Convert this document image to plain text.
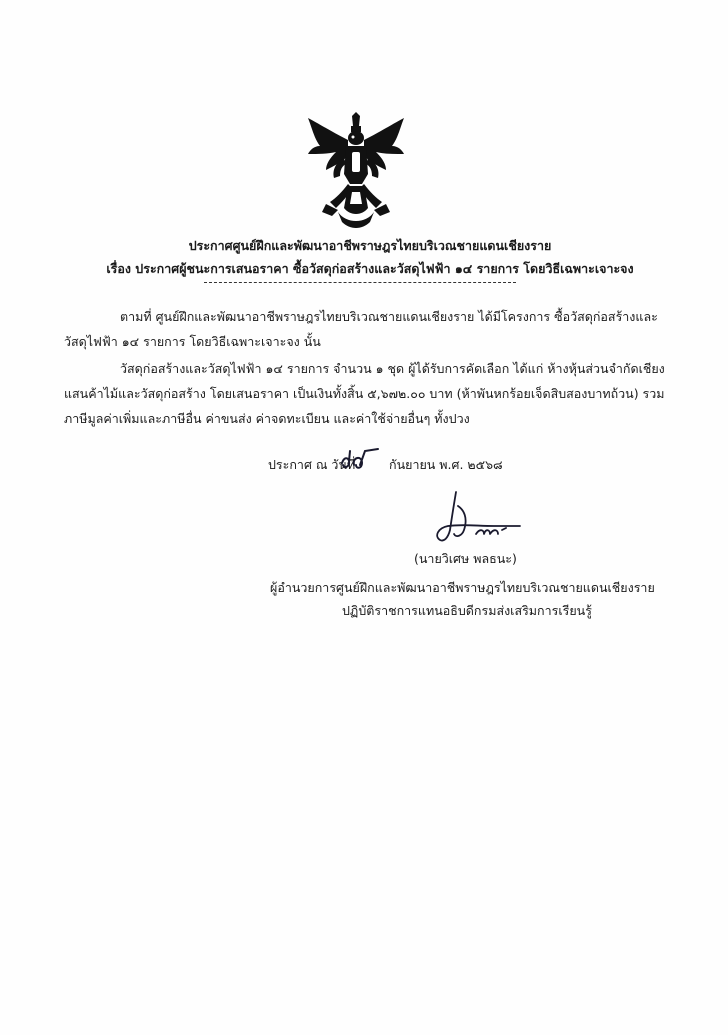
ประกาศศูนย์ฝึกและพัฒนาอาชีพราษฎรไทยบริเวณชายแดนเชียงราย
เรื่อง ประกาศผู้ชนะการเสนอราคา ซื้อวัสดุก่อสร้างและวัสดุไฟฟ้า ๑๔ รายการ โดยวิธีเฉพาะเจาะจง
ตามที่ ศูนย์ฝึกและพัฒนาอาชีพราษฎรไทยบริเวณชายแดนเชียงราย ได้มีโครงการ ซื้อวัสดุก่อสร้างและ
วัสดุไฟฟ้า ๑๔ รายการ โดยวิธีเฉพาะเจาะจง นั้น
วัสดุก่อสร้างและวัสดุไฟฟ้า ๑๔ รายการ จำนวน ๑ ชุด ผู้ได้รับการคัดเลือก ได้แก่ ห้างหุ้นส่วนจำกัดเชียง
แสนค้าไม้และวัสดุก่อสร้าง โดยเสนอราคา เป็นเงินทั้งสิ้น ๕,๖๗๒.๐๐ บาท (ห้าพันหกร้อยเจ็ดสิบสองบาทถ้วน) รวม
ภาษีมูลค่าเพิ่มและภาษีอื่น ค่าขนส่ง ค่าจดทะเบียน และค่าใช้จ่ายอื่นๆ ทั้งปวง
ประกาศ ณ วันที่	กันยายน พ.ศ. ๒๕๖๘
(นายวิเศษ พลธนะ)
ผู้อำนวยการศูนย์ฝึกและพัฒนาอาชีพราษฎรไทยบริเวณชายแดนเชียงราย
ปฏิบัติราชการแทนอธิบดีกรมส่งเสริมการเรียนรู้
